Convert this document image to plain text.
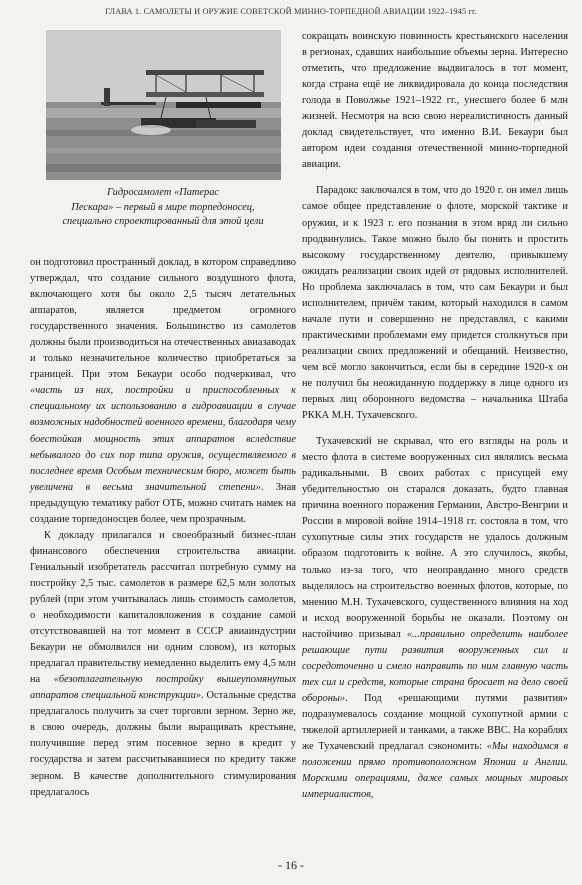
ГЛАВА 1. САМОЛЕТЫ И ОРУЖИЕ СОВЕТСКОЙ МИННО-ТОРПЕДНОЙ АВИАЦИИ 1922–1945 гг.
Гидросамолет «Патерас
Пескара» – первый в мире торпедоносец,
специально спроектированный для этой цели

он подготовил пространный доклад, в котором справедливо утверждал, что создание сильного воздушного флота, включающего хотя бы около 2,5 тысяч летательных аппаратов, является предметом огромного государственного значения. Большинство из самолетов должны были производиться на отечественных авиазаводах и только незначительное количество приобретаться за границей. При этом Бекаури особо подчеркивал, что «часть из них, постройки и приспособленных к специальному их использованию в гидроавиации в случае возможных надобностей военного времени, благодаря чему боестойкая мощность этих аппаратов вследствие небывалого до сих пор типа оружия, осуществляемого в последнее время Особым техническим бюро, может быть увеличена в весьма значительной степени». Зная предыдущую тематику работ ОТБ, можно считать намек на создание торпедоносцев более, чем прозрачным.

К докладу прилагался и своеобразный бизнес-план финансового обеспечения строительства авиации. Гениальный изобретатель рассчитал потребную сумму на постройку 2,5 тыс. самолетов в размере 62,5 млн золотых рублей (при этом учитывалась лишь стоимость самолетов, о необходимости капиталовложения в создание самой отсутствовавшей на тот момент в СССР авиаиндустрии Бекаури не обмолвился ни одним словом), из которых предлагал правительству немедленно выделить ему 4,5 млн на «безотлагательную постройку вышеупомянутых аппаратов специальной конструкции». Остальные средства предлагалось получить за счет торговли зерном. Зерно же, в свою очередь, должны были выращивать крестьяне, получившие перед этим посевное зерно в кредит у государства и затем рассчитывавшиеся по кредиту также зерном. В качестве дополнительного стимулирования предлагалось

сокращать воинскую повинность крестьянского населения в регионах, сдавших наибольшие объемы зерна. Интересно отметить, что предложение выдвигалось в тот момент, когда страна ещё не ликвидировала до конца последствия голода в Поволжье 1921–1922 гг., унесшего более 6 млн жизней. Несмотря на всю свою нереалистичность данный доклад свидетельствует, что именно В.И. Бекаури был автором идеи создания отечественной минно-торпедной авиации.

Парадокс заключался в том, что до 1920 г. он имел лишь самое общее представление о флоте, морской тактике и оружии, и к 1923 г. его познания в этом вряд ли сильно продвинулись. Такое можно было бы понять и простить высокому государственному деятелю, привыкшему ожидать реализации своих идей от рядовых исполнителей. Но проблема заключалась в том, что сам Бекаури и был исполнителем, причём таким, который находился в самом начале пути и совершенно не представлял, с какими практическими проблемами ему придется столкнуться при реализации своих предложений и обещаний. Неизвестно, чем всё могло закончиться, если бы в середине 1920-х он не получил бы неожиданную поддержку в лице одного из первых лиц оборонного ведомства – начальника Штаба РККА М.Н. Тухачевского.

Тухачевский не скрывал, что его взгляды на роль и место флота в системе вооруженных сил являлись весьма радикальными. В своих работах с присущей ему убедительностью он старался доказать, будто главная причина военного поражения Германии, Австро-Венгрии и России в мировой войне 1914–1918 гг. состояла в том, что сухопутные силы этих государств не удалось должным образом подготовить к войне. А это случилось, якобы, только из-за того, что неоправданно много средств выделялось на строительство военных флотов, которые, по мнению М.Н. Тухачевского, существенного влияния на ход и исход вооруженной борьбы не оказали. Поэтому он настойчиво призывал «...правильно определить наиболее решающие пути развития вооруженных сил и сосредоточенно и смело направить по ним главную часть тех сил и средств, которые страна бросает на дело своей обороны». Под «решающими путями развития» подразумевалось создание мощной сухопутной армии с тяжелой артиллерией и танками, а также ВВС. На кораблях же Тухачевский предлагал сэкономить: «Мы находимся в положении прямо противоположном Японии и Англии. Морскими операциями, даже самых мощных мировых империалистов,

- 16 -
